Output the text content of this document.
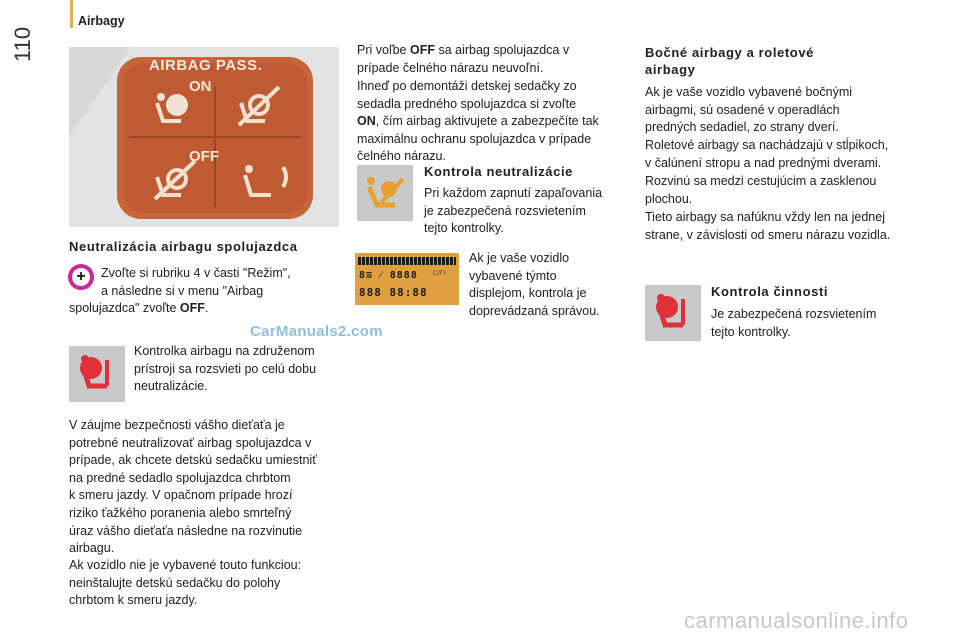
Airbagy
110
AIRBAG PASS.
ON
OFF
Neutralizácia airbagu spolujazdca
+	Zvoľte si rubriku 4 v časti "Režim",
a následne si v menu "Airbag
spolujazdca" zvoľte OFF.
Kontrolka airbagu na združenom
prístroji sa rozsvieti po celú dobu
neutralizácie.
V záujme bezpečnosti vášho dieťaťa je
potrebné neutralizovať airbag spolujazdca v
prípade, ak chcete detskú sedačku umiestniť
na predné sedadlo spolujazdca chrbtom
k smeru jazdy. V opačnom prípade hrozí
riziko ťažkého poranenia alebo smrteľný
úraz vášho dieťaťa následne na rozvinutie
airbagu.
Ak vozidlo nie je vybavené touto funkciou:
neinštalujte detskú sedačku do polohy
chrbtom k smeru jazdy.
Pri voľbe OFF sa airbag spolujazdca v
prípade čelného nárazu neuvoľní.
Ihneď po demontáži detskej sedačky zo
sedadla predného spolujazdca si zvoľte
ON, čím airbag aktivujete a zabezpečíte tak
maximálnu ochranu spolujazdca v prípade
čelného nárazu.
Kontrola neutralizácie
Pri každom zapnutí zapaľovania
je zabezpečená rozsvietením
tejto kontrolky.
8≡ ⁄ 8888
888 88:88
CITY
Ak je vaše vozidlo
vybavené týmto
displejom, kontrola je
doprevádzaná správou.
Bočné airbagy a roletové
airbagy
Ak je vaše vozidlo vybavené bočnými
airbagmi, sú osadené v operadlách
predných sedadiel, zo strany dverí.
Roletové airbagy sa nachádzajú v stĺpikoch,
v čalúnení stropu a nad prednými dverami.
Rozvinú sa medzi cestujúcim a zasklenou
plochou.
Tieto airbagy sa nafúknu vždy len na jednej
strane, v závislosti od smeru nárazu vozidla.
Kontrola činnosti
Je zabezpečená rozsvietením
tejto kontrolky.
CarManuals2.com
carmanualsonline.info
